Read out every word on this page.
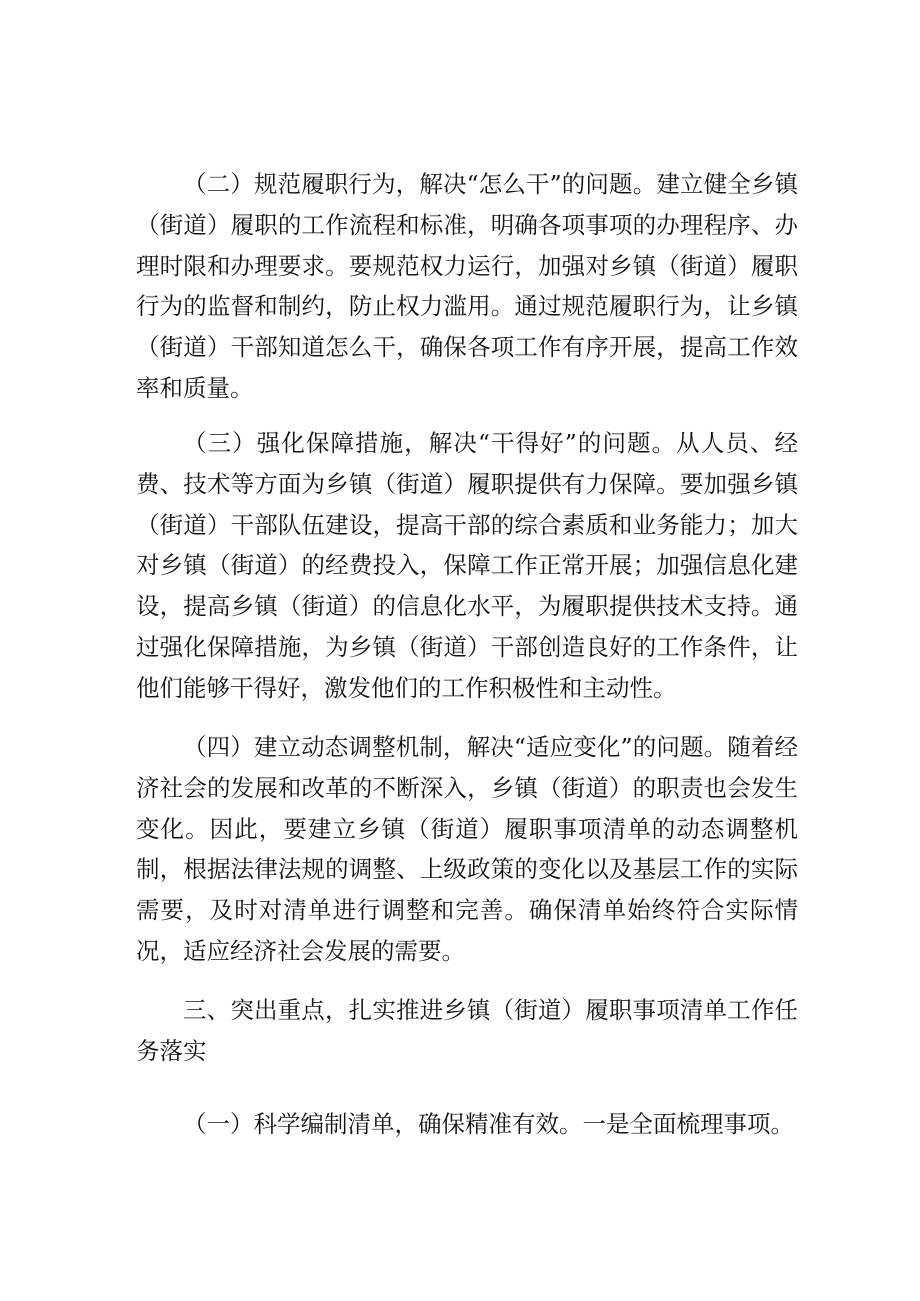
（二）规范履职行为，解决“怎么干”的问题。建立健全乡镇（街道）履职的工作流程和标准，明确各项事项的办理程序、办理时限和办理要求。要规范权力运行，加强对乡镇（街道）履职行为的监督和制约，防止权力滥用。通过规范履职行为，让乡镇（街道）干部知道怎么干，确保各项工作有序开展，提高工作效率和质量。

（三）强化保障措施，解决“干得好”的问题。从人员、经费、技术等方面为乡镇（街道）履职提供有力保障。要加强乡镇（街道）干部队伍建设，提高干部的综合素质和业务能力；加大对乡镇（街道）的经费投入，保障工作正常开展；加强信息化建设，提高乡镇（街道）的信息化水平，为履职提供技术支持。通过强化保障措施，为乡镇（街道）干部创造良好的工作条件，让他们能够干得好，激发他们的工作积极性和主动性。

（四）建立动态调整机制，解决“适应变化”的问题。随着经济社会的发展和改革的不断深入，乡镇（街道）的职责也会发生变化。因此，要建立乡镇（街道）履职事项清单的动态调整机制，根据法律法规的调整、上级政策的变化以及基层工作的实际需要，及时对清单进行调整和完善。确保清单始终符合实际情况，适应经济社会发展的需要。

三、突出重点，扎实推进乡镇（街道）履职事项清单工作任务落实

（一）科学编制清单，确保精准有效。一是全面梳理事项。
